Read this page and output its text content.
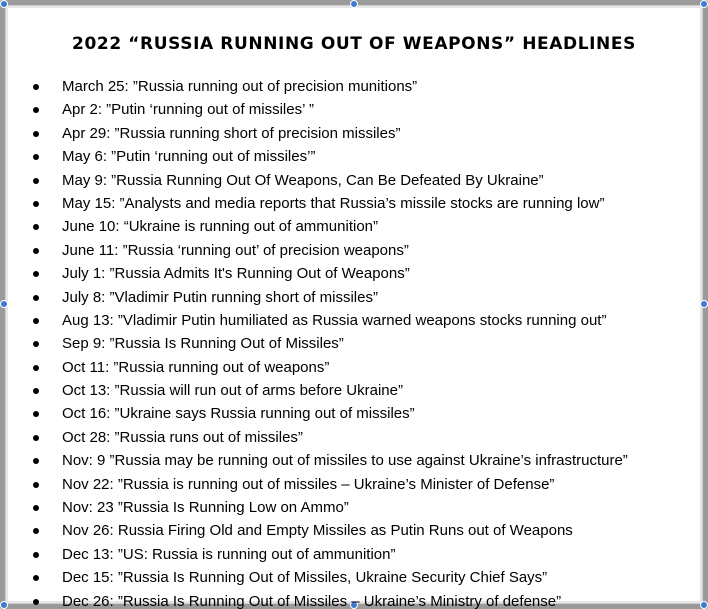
2022 “RUSSIA RUNNING OUT OF WEAPONS” HEADLINES
March 25: ”Russia running out of precision munitions”
Apr 2: ”Putin ‘running out of missiles’ ”
Apr 29: ”Russia running short of precision missiles”
May 6: ”Putin ‘running out of missiles’”
May 9: ”Russia Running Out Of Weapons, Can Be Defeated By Ukraine”
May 15: ”Analysts and media reports that Russia’s missile stocks are running low”
June 10: “Ukraine is running out of ammunition”
June 11: ”Russia ‘running out’ of precision weapons”
July 1: ”Russia Admits It's Running Out of Weapons”
July 8: ”Vladimir Putin running short of missiles”
Aug 13: ”Vladimir Putin humiliated as Russia warned weapons stocks running out”
Sep 9: ”Russia Is Running Out of Missiles”
Oct 11: ”Russia running out of weapons”
Oct 13: ”Russia will run out of arms before Ukraine”
Oct 16: ”Ukraine says Russia running out of missiles”
Oct 28: ”Russia runs out of missiles”
Nov: 9 ”Russia may be running out of missiles to use against Ukraine’s infrastructure”
Nov 22: ”Russia is running out of missiles – Ukraine’s Minister of Defense”
Nov: 23 ”Russia Is Running Low on Ammo”
Nov 26: Russia Firing Old and Empty Missiles as Putin Runs out of Weapons
Dec 13: ”US: Russia is running out of ammunition”
Dec 15: ”Russia Is Running Out of Missiles, Ukraine Security Chief Says”
Dec 26: ”Russia Is Running Out of Missiles – Ukraine’s Ministry of defense”
